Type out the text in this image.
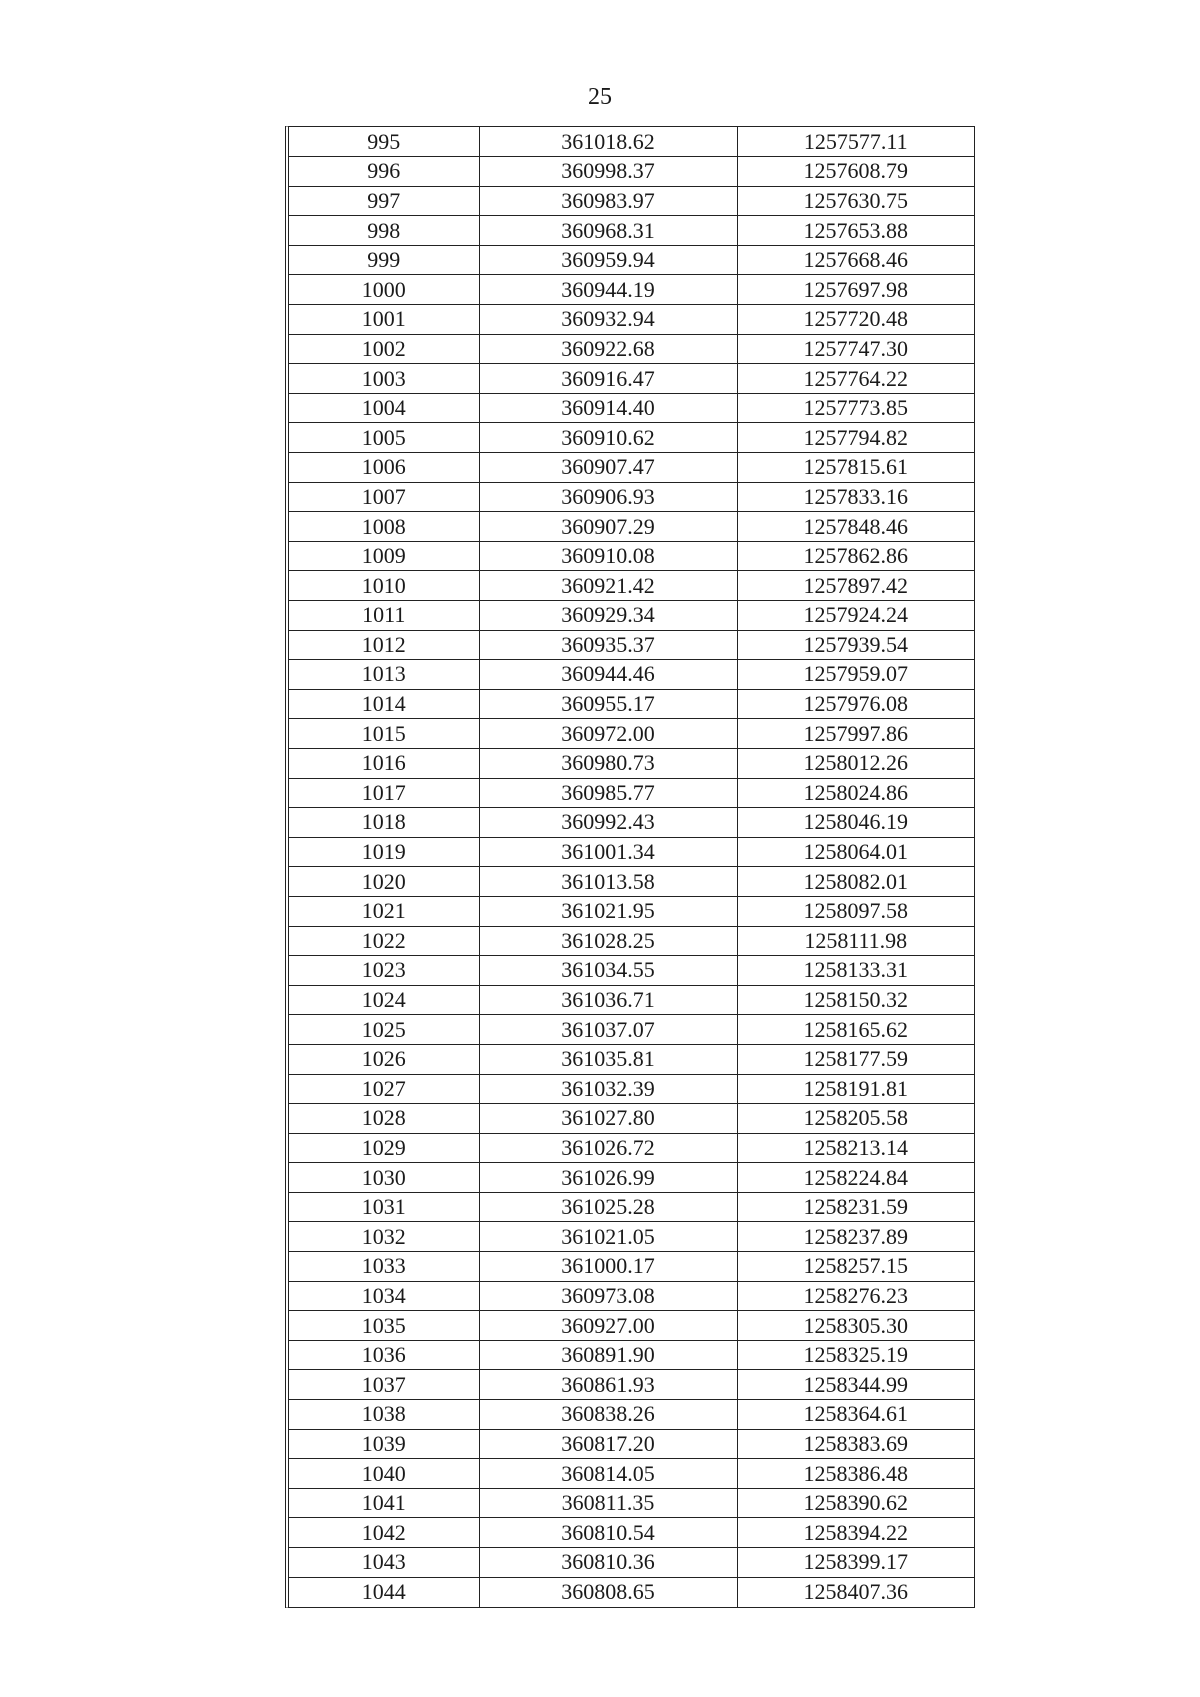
25
995	361018.62	1257577.11
996	360998.37	1257608.79
997	360983.97	1257630.75
998	360968.31	1257653.88
999	360959.94	1257668.46
1000	360944.19	1257697.98
1001	360932.94	1257720.48
1002	360922.68	1257747.30
1003	360916.47	1257764.22
1004	360914.40	1257773.85
1005	360910.62	1257794.82
1006	360907.47	1257815.61
1007	360906.93	1257833.16
1008	360907.29	1257848.46
1009	360910.08	1257862.86
1010	360921.42	1257897.42
1011	360929.34	1257924.24
1012	360935.37	1257939.54
1013	360944.46	1257959.07
1014	360955.17	1257976.08
1015	360972.00	1257997.86
1016	360980.73	1258012.26
1017	360985.77	1258024.86
1018	360992.43	1258046.19
1019	361001.34	1258064.01
1020	361013.58	1258082.01
1021	361021.95	1258097.58
1022	361028.25	1258111.98
1023	361034.55	1258133.31
1024	361036.71	1258150.32
1025	361037.07	1258165.62
1026	361035.81	1258177.59
1027	361032.39	1258191.81
1028	361027.80	1258205.58
1029	361026.72	1258213.14
1030	361026.99	1258224.84
1031	361025.28	1258231.59
1032	361021.05	1258237.89
1033	361000.17	1258257.15
1034	360973.08	1258276.23
1035	360927.00	1258305.30
1036	360891.90	1258325.19
1037	360861.93	1258344.99
1038	360838.26	1258364.61
1039	360817.20	1258383.69
1040	360814.05	1258386.48
1041	360811.35	1258390.62
1042	360810.54	1258394.22
1043	360810.36	1258399.17
1044	360808.65	1258407.36
